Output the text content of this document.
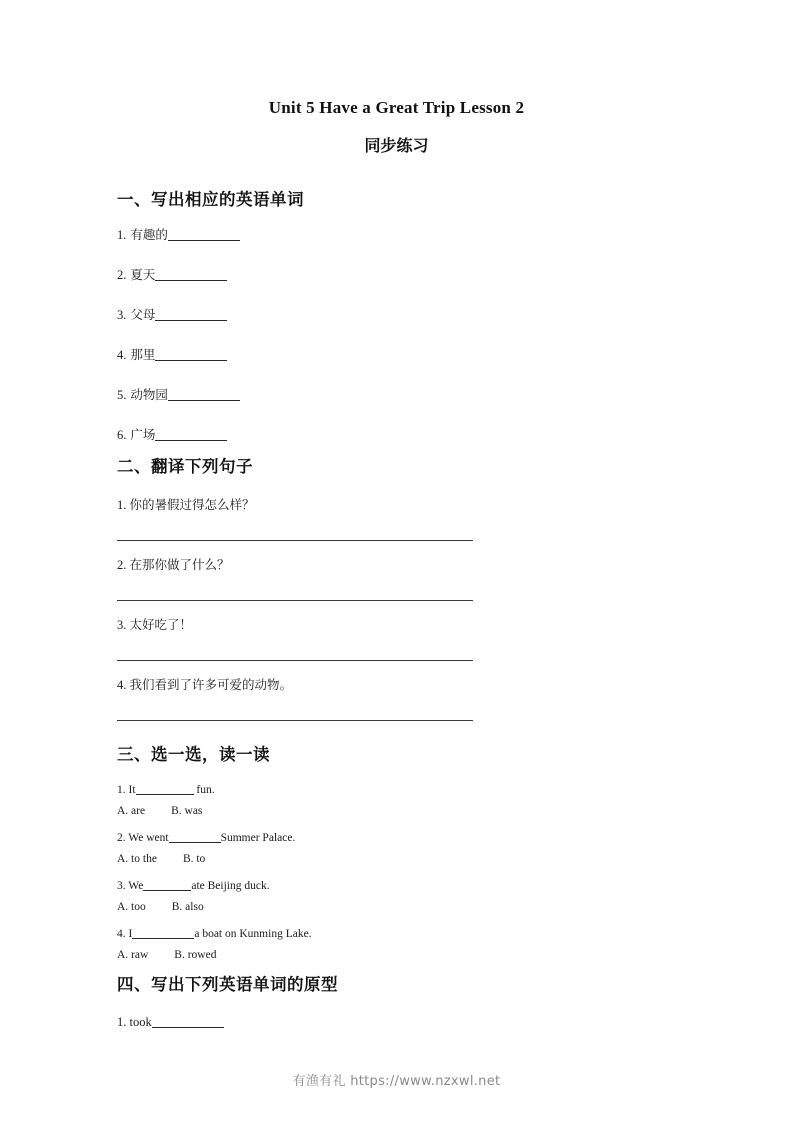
Unit 5 Have a Great Trip Lesson 2
同步练习
一、写出相应的英语单词
1. 有趣的
2. 夏天
3. 父母
4. 那里
5. 动物园
6. 广场
二、翻译下列句子
1. 你的暑假过得怎么样？
2. 在那你做了什么？
3. 太好吃了！
4. 我们看到了许多可爱的动物。
三、选一选，读一读
1. It	fun.
A. are B. was
2. We went	Summer Palace.
A. to the B. to
3. We	ate Beijing duck.
A. too B. also
4. I	a boat on Kunming Lake.
A. raw B. rowed
四、写出下列英语单词的原型
1. took
有渔有礼 https://www.nzxwl.net
